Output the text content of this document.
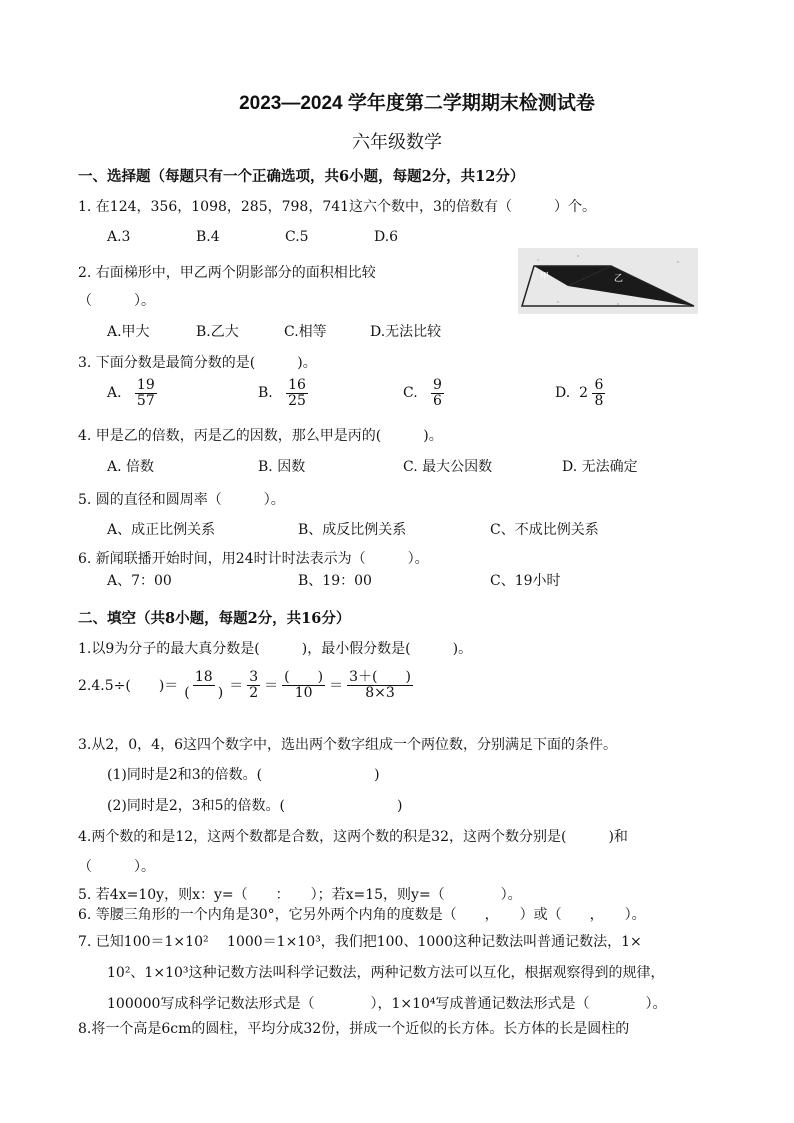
2023—2024 学年度第二学期期末检测试卷
六年级数学
一、选择题（每题只有一个正确选项，共6小题，每题2分，共12分）
1. 在124，356，1098，285，798，741这六个数中，3的倍数有（　　　）个。
A.3	B.4	C.5	D.6
2. 右面梯形中，甲乙两个阴影部分的面积相比较
（　　　）。
甲	乙
A.甲大	B.乙大	C.相等	D.无法比较
3. 下面分数是最简分数的是(　　　)。
A. $\frac{19}{57}$	B. $\frac{16}{25}$	C. $\frac{9}{6}$	D. $2 \frac{6}{8}$
4. 甲是乙的倍数，丙是乙的因数，那么甲是丙的(　　　)。
A. 倍数	B. 因数	C. 最大公因数	D. 无法确定
5. 圆的直径和圆周率（　　　）。
A、成正比例关系	B、成反比例关系	C、不成比例关系
6. 新闻联播开始时间，用24时计时法表示为（　　　）。
A、7：00	B、19：00	C、19小时
二、填空（共8小题，每题2分，共16分）
1.以9为分子的最大真分数是(　　　)，最小假分数是(　　　)。
2.4.5÷(　　)＝ $\frac{18}{( )} = \frac{3}{2} = \frac{( )}{10} = \frac{3+( )}{8\times 3}$
3.从2，0，4，6这四个数字中，选出两个数字组成一个两位数，分别满足下面的条件。
(1)同时是2和3的倍数。(　　　　　　　　)
(2)同时是2，3和5的倍数。(　　　　　　　　)
4.两个数的和是12，这两个数都是合数，这两个数的积是32，这两个数分别是(　　　)和
（　　　）。
5. 若4x=10y，则x：y=（　　：　　）；若x=15，则y=（　　　　）。
6. 等腰三角形的一个内角是30°，它另外两个内角的度数是（　　，　　）或（　　，　　）。
7. 已知100＝1×10²　 1000＝1×10³，我们把100、1000这种记数法叫普通记数法，1×
10²、1×10³这种记数方法叫科学记数法，两种记数方法可以互化，根据观察得到的规律，
100000写成科学记数法形式是（　　　　），1×10⁴写成普通记数法形式是（　　　　）。
8.将一个高是6cm的圆柱，平均分成32份，拼成一个近似的长方体。长方体的长是圆柱的
